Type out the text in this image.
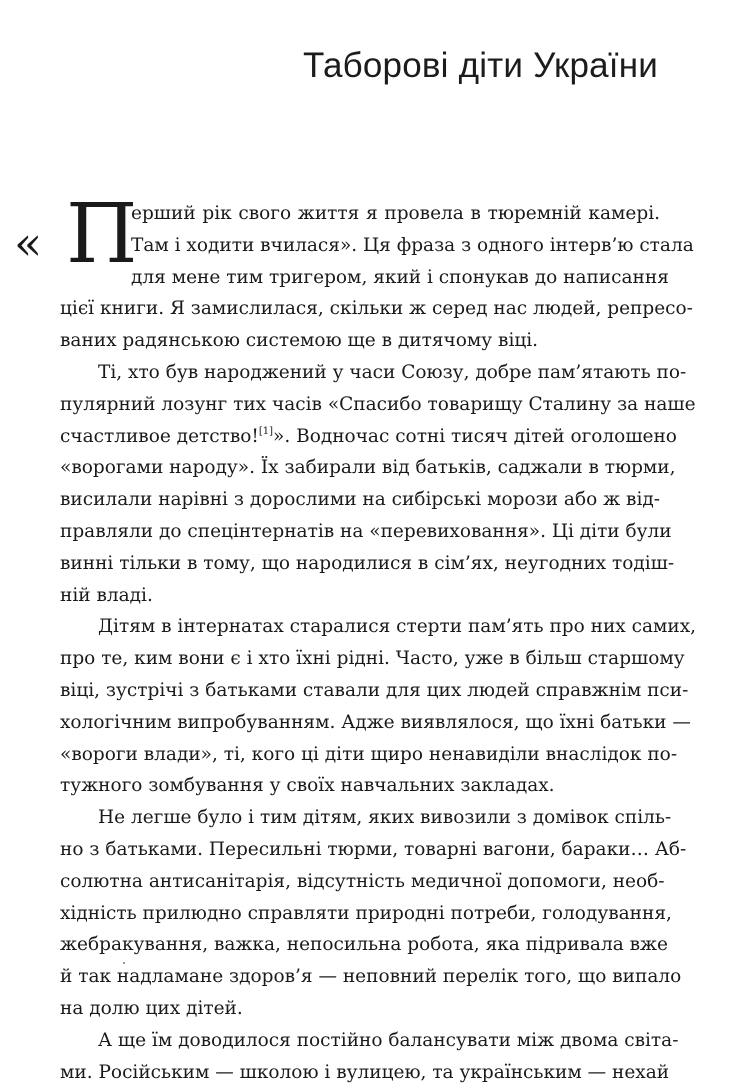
Таборові діти України
« П
ерший рік свого життя я провела в тюремній камері.
Там і ходити вчилася». Ця фраза з одного інтерв’ю стала
для мене тим тригером, який і спонукав до написання
цієї книги. Я замислилася, скільки ж серед нас людей, репресо-
ваних радянською системою ще в дитячому віці.
Ті, хто був народжений у часи Союзу, добре пам’ятають по-
пулярний лозунг тих часів «Спасибо товарищу Сталину за наше
счастливое детство![1]». Водночас сотні тисяч дітей оголошено
«ворогами народу». Їх забирали від батьків, саджали в тюрми,
висилали нарівні з дорослими на сибірські морози або ж від-
правляли до спецінтернатів на «перевиховання». Ці діти були
винні тільки в тому, що народилися в сім’ях, неугодних тодіш-
ній владі.
Дітям в інтернатах старалися стерти пам’ять про них самих,
про те, ким вони є і хто їхні рідні. Часто, уже в більш старшому
віці, зустрічі з батьками ставали для цих людей справжнім пси-
хологічним випробуванням. Адже виявлялося, що їхні батьки —
«вороги влади», ті, кого ці діти щиро ненавиділи внаслідок по-
тужного зомбування у своїх навчальних закладах.
Не легше було і тим дітям, яких вивозили з домівок спіль-
но з батьками. Пересильні тюрми, товарні вагони, бараки… Аб-
солютна антисанітарія, відсутність медичної допомоги, необ-
хідність прилюдно справляти природні потреби, голодування,
жебракування, важка, непосильна робота, яка підривала вже
й так надламане здоров’я — неповний перелік того, що випало
на долю цих дітей.
А ще їм доводилося постійно балансувати між двома світа-
ми. Російським — школою і вулицею, та українським — нехай
